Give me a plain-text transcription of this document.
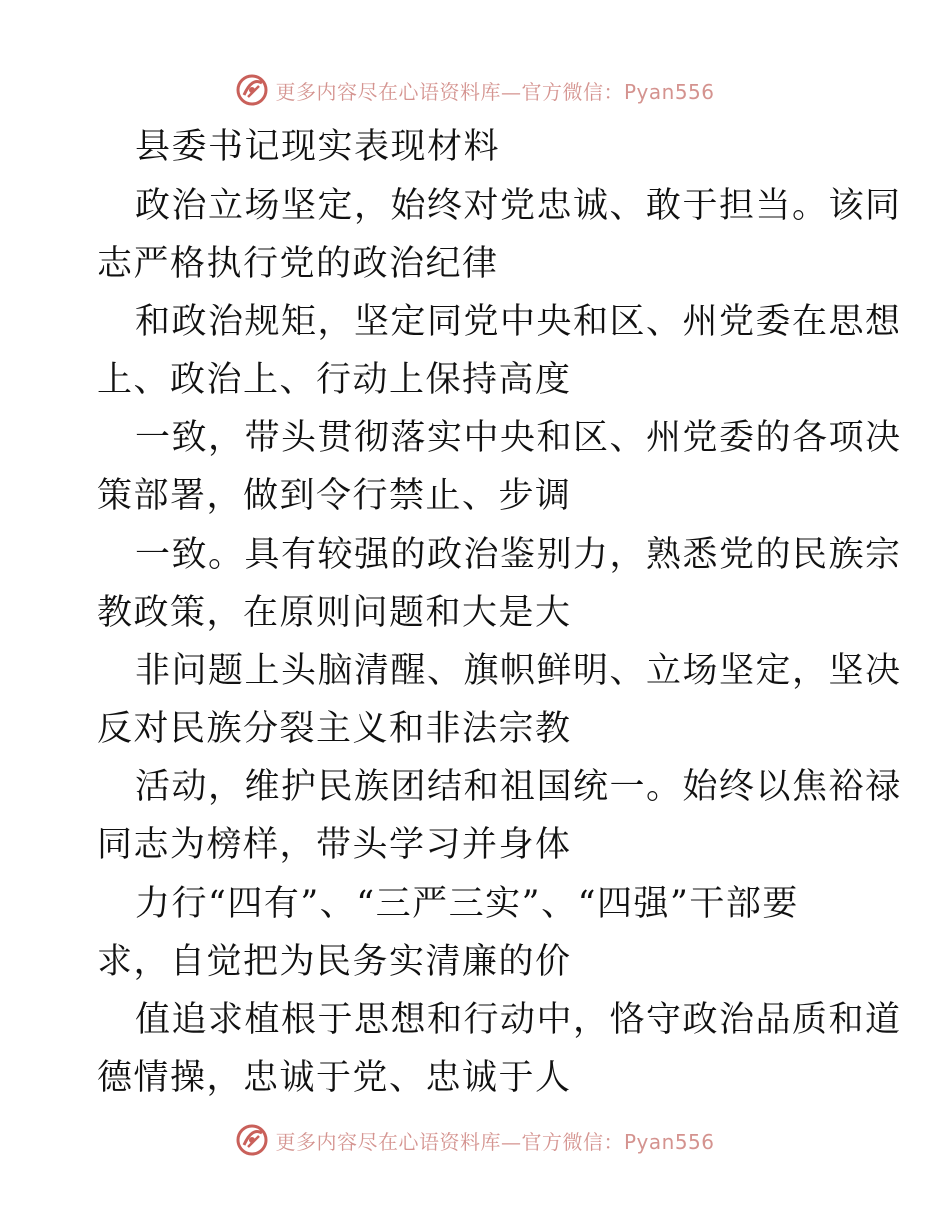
更多内容尽在心语资料库—官方微信：Pyan556
县委书记现实表现材料
政治立场坚定，始终对党忠诚、敢于担当。该同
志严格执行党的政治纪律
和政治规矩，坚定同党中央和区、州党委在思想
上、政治上、行动上保持高度
一致，带头贯彻落实中央和区、州党委的各项决
策部署，做到令行禁止、步调
一致。具有较强的政治鉴别力，熟悉党的民族宗
教政策，在原则问题和大是大
非问题上头脑清醒、旗帜鲜明、立场坚定，坚决
反对民族分裂主义和非法宗教
活动，维护民族团结和祖国统一。始终以焦裕禄
同志为榜样，带头学习并身体
力行“四有”、“三严三实”、“四强”干部要
求，自觉把为民务实清廉的价
值追求植根于思想和行动中，恪守政治品质和道
德情操，忠诚于党、忠诚于人
更多内容尽在心语资料库—官方微信：Pyan556
